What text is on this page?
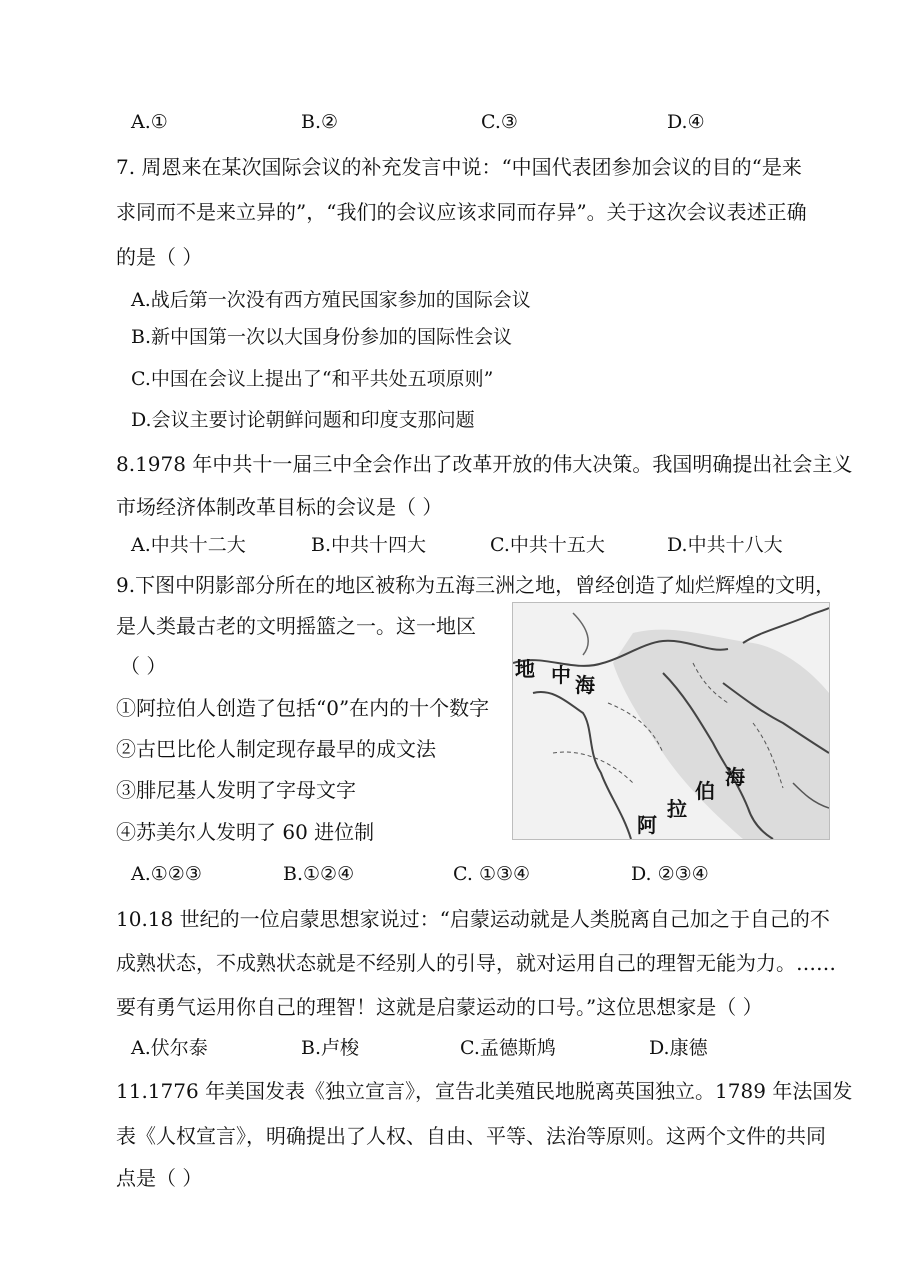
A.①	B.②	C.③	D.④
7. 周恩来在某次国际会议的补充发言中说：“中国代表团参加会议的目的“是来
求同而不是来立异的”，“我们的会议应该求同而存异”。关于这次会议表述正确
的是（ ）
A.战后第一次没有西方殖民国家参加的国际会议
B.新中国第一次以大国身份参加的国际性会议
C.中国在会议上提出了“和平共处五项原则”
D.会议主要讨论朝鲜问题和印度支那问题
8.1978 年中共十一届三中全会作出了改革开放的伟大决策。我国明确提出社会主义
市场经济体制改革目标的会议是（ ）
A.中共十二大	B.中共十四大	C.中共十五大	D.中共十八大
9.下图中阴影部分所在的地区被称为五海三洲之地，曾经创造了灿烂辉煌的文明，
是人类最古老的文明摇篮之一。这一地区
（ ）
①阿拉伯人创造了包括“0”在内的十个数字
②古巴比伦人制定现存最早的成文法
③腓尼基人发明了字母文字
④苏美尔人发明了 60 进位制
地 中 海
海
伯
拉
阿
A.①②③	B.①②④	C. ①③④	D. ②③④
10.18 世纪的一位启蒙思想家说过：“启蒙运动就是人类脱离自己加之于自己的不
成熟状态，不成熟状态就是不经别人的引导，就对运用自己的理智无能为力。……
要有勇气运用你自己的理智！这就是启蒙运动的口号。”这位思想家是（ ）
A.伏尔泰	B.卢梭	C.孟德斯鸠	D.康德
11.1776 年美国发表《独立宣言》，宣告北美殖民地脱离英国独立。1789 年法国发
表《人权宣言》，明确提出了人权、自由、平等、法治等原则。这两个文件的共同
点是（ ）
